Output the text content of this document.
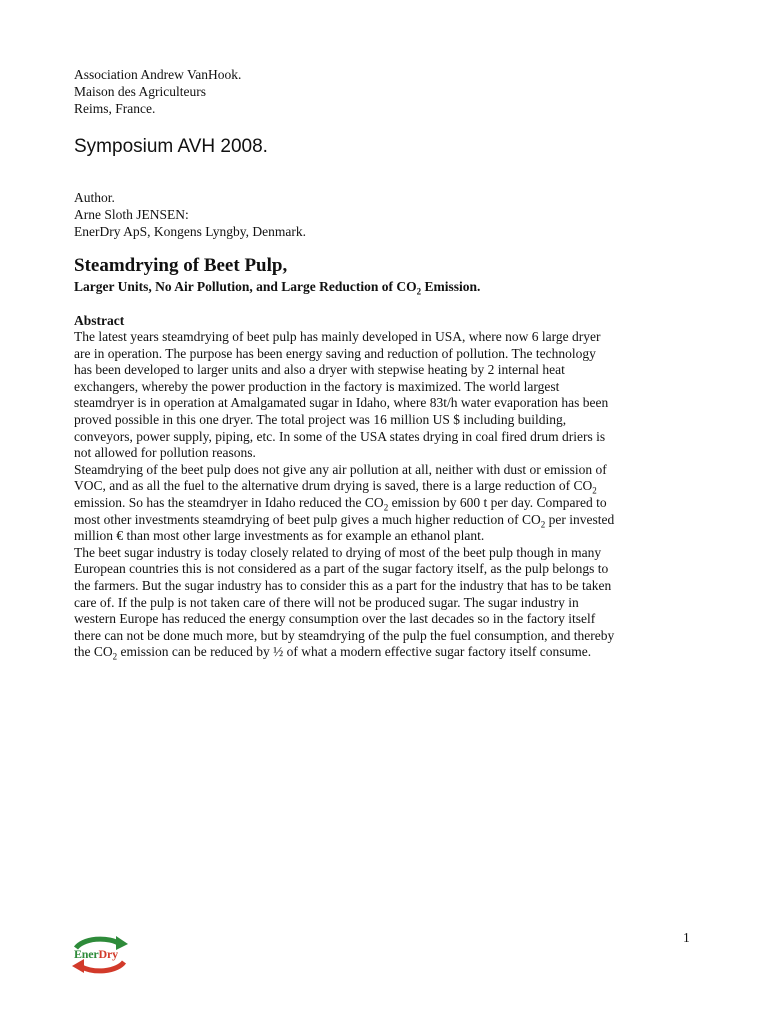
Association Andrew VanHook.
Maison des Agriculteurs
Reims, France.
Symposium AVH 2008.
Author.
Arne Sloth JENSEN:
EnerDry ApS, Kongens Lyngby, Denmark.
Steamdrying of Beet Pulp,
Larger Units, No Air Pollution, and Large Reduction of $CO_2$ Emission.
Abstract

The latest years steamdrying of beet pulp has mainly developed in USA, where now 6 large dryer
are in operation. The purpose has been energy saving and reduction of pollution. The technology
has been developed to larger units and also a dryer with stepwise heating by 2 internal heat
exchangers, whereby the power production in the factory is maximized. The world largest
steamdryer is in operation at Amalgamated sugar in Idaho, where 83t/h water evaporation has been
proved possible in this one dryer. The total project was 16 million US $ including building,
conveyors, power supply, piping, etc. In some of the USA states drying in coal fired drum driers is
not allowed for pollution reasons.

Steamdrying of the beet pulp does not give any air pollution at all, neither with dust or emission of
VOC, and as all the fuel to the alternative drum drying is saved, there is a large reduction of $CO_2$
emission. So has the steamdryer in Idaho reduced the $CO_2$ emission by 600 t per day. Compared to
most other investments steamdrying of beet pulp gives a much higher reduction of $CO_2$ per invested
million € than most other large investments as for example an ethanol plant.

The beet sugar industry is today closely related to drying of most of the beet pulp though in many
European countries this is not considered as a part of the sugar factory itself, as the pulp belongs to
the farmers. But the sugar industry has to consider this as a part for the industry that has to be taken
care of. If the pulp is not taken care of there will not be produced sugar. The sugar industry in
western Europe has reduced the energy consumption over the last decades so in the factory itself
there can not be done much more, but by steamdrying of the pulp the fuel consumption, and thereby
the $CO_2$ emission can be reduced by ½ of what a modern effective sugar factory itself consume.

EnerDry
1
